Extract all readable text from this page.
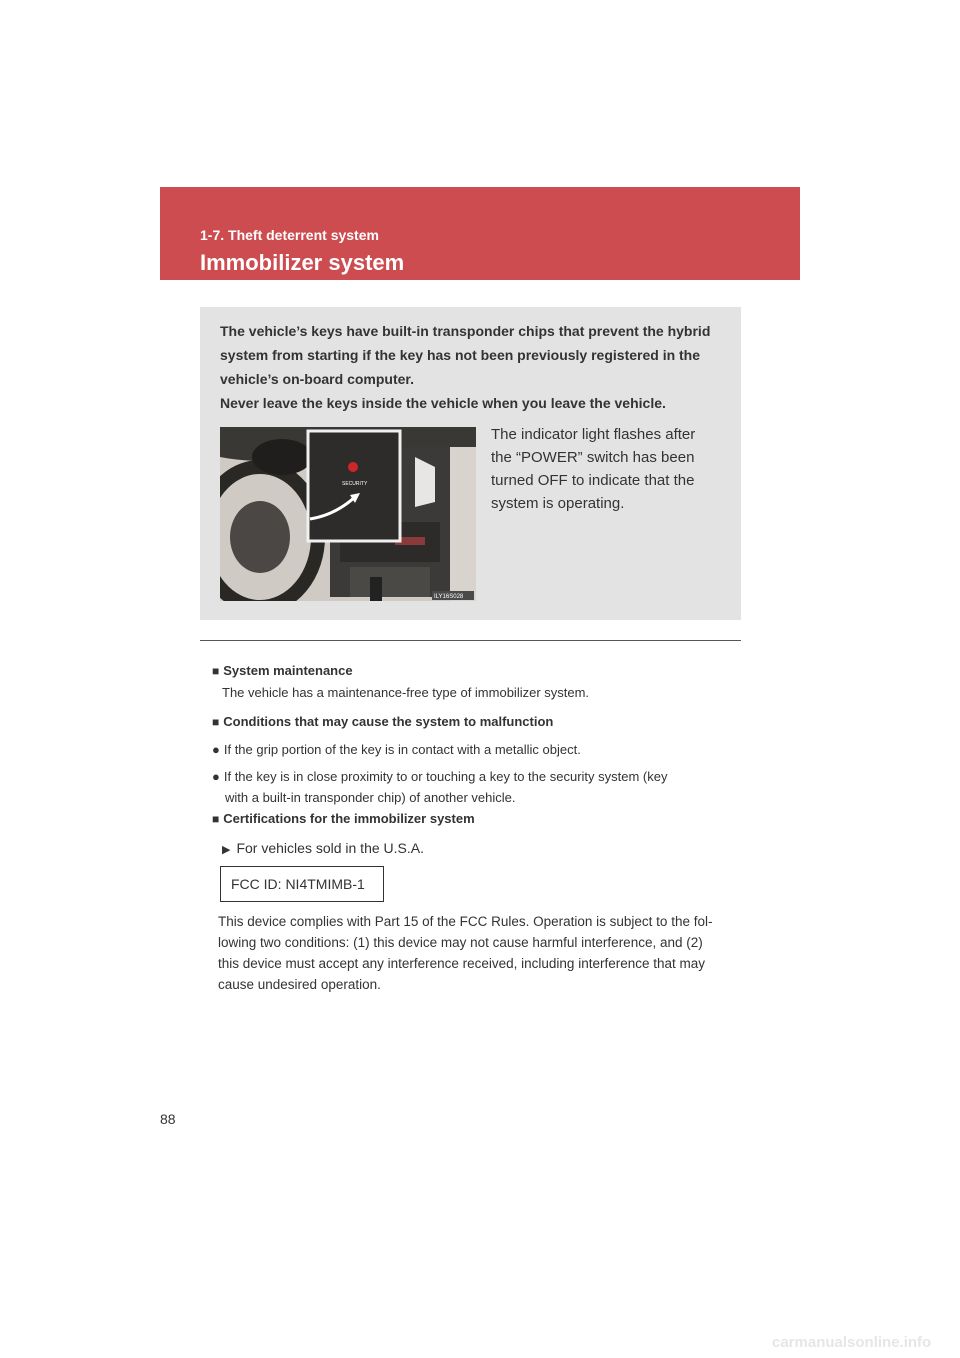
1-7. Theft deterrent system
Immobilizer system
The vehicle’s keys have built-in transponder chips that prevent the hybrid
system from starting if the key has not been previously registered in the
vehicle’s on-board computer.
Never leave the keys inside the vehicle when you leave the vehicle.
SECURITY
ILY16S028
The indicator light flashes after
the “POWER” switch has been
turned OFF to indicate that the
system is operating.
■ System maintenance
The vehicle has a maintenance-free type of immobilizer system.
■ Conditions that may cause the system to malfunction
● If the grip portion of the key is in contact with a metallic object.
● If the key is in close proximity to or touching a key to the security system (key
with a built-in transponder chip) of another vehicle.
■ Certifications for the immobilizer system
▶ For vehicles sold in the U.S.A.
FCC ID: NI4TMIMB-1
This device complies with Part 15 of the FCC Rules. Operation is subject to the fol-
lowing two conditions: (1) this device may not cause harmful interference, and (2)
this device must accept any interference received, including interference that may
cause undesired operation.
88
carmanualsonline.info
